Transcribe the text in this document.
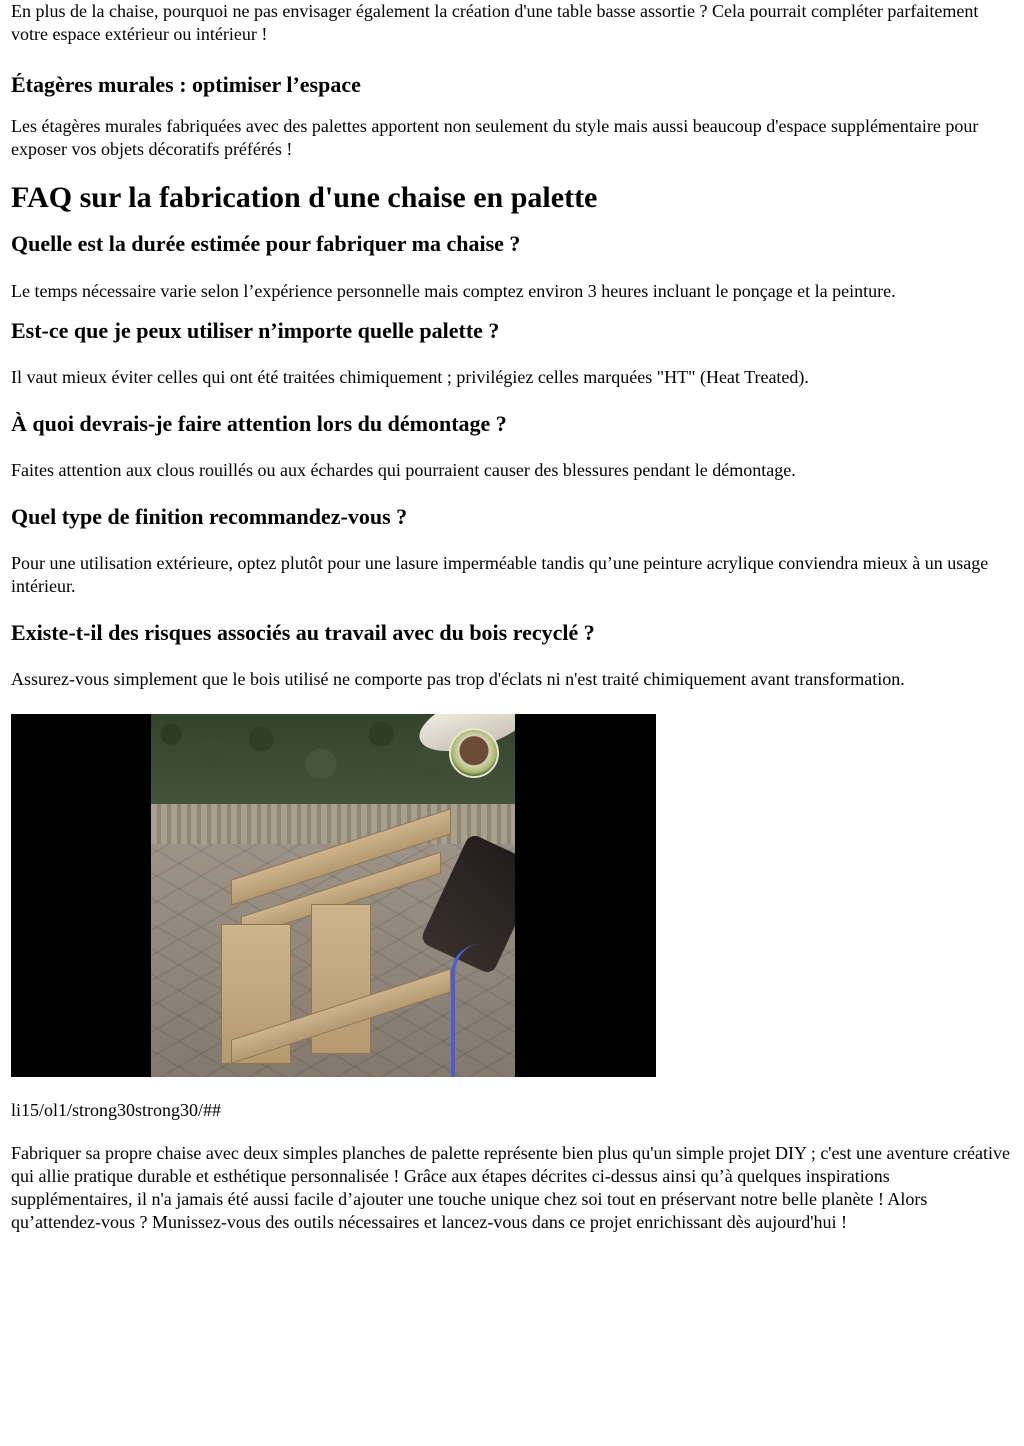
En plus de la chaise, pourquoi ne pas envisager également la création d'une table basse assortie ? Cela pourrait compléter parfaitement votre espace extérieur ou intérieur !

Étagères murales : optimiser l’espace

Les étagères murales fabriquées avec des palettes apportent non seulement du style mais aussi beaucoup d'espace supplémentaire pour exposer vos objets décoratifs préférés !

FAQ sur la fabrication d'une chaise en palette
Quelle est la durée estimée pour fabriquer ma chaise ?

Le temps nécessaire varie selon l’expérience personnelle mais comptez environ 3 heures incluant le ponçage et la peinture.

Est-ce que je peux utiliser n’importe quelle palette ?

Il vaut mieux éviter celles qui ont été traitées chimiquement ; privilégiez celles marquées "HT" (Heat Treated).

À quoi devrais-je faire attention lors du démontage ?

Faites attention aux clous rouillés ou aux échardes qui pourraient causer des blessures pendant le démontage.

Quel type de finition recommandez-vous ?

Pour une utilisation extérieure, optez plutôt pour une lasure imperméable tandis qu’une peinture acrylique conviendra mieux à un usage intérieur.

Existe-t-il des risques associés au travail avec du bois recyclé ?

Assurez-vous simplement que le bois utilisé ne comporte pas trop d'éclats ni n'est traité chimiquement avant transformation.

li15/ol1/strong30strong30/##

Fabriquer sa propre chaise avec deux simples planches de palette représente bien plus qu'un simple projet DIY ; c'est une aventure créative qui allie pratique durable et esthétique personnalisée ! Grâce aux étapes décrites ci-dessus ainsi qu’à quelques inspirations supplémentaires, il n'a jamais été aussi facile d’ajouter une touche unique chez soi tout en préservant notre belle planète ! Alors qu’attendez-vous ? Munissez-vous des outils nécessaires et lancez-vous dans ce projet enrichissant dès aujourd'hui !
